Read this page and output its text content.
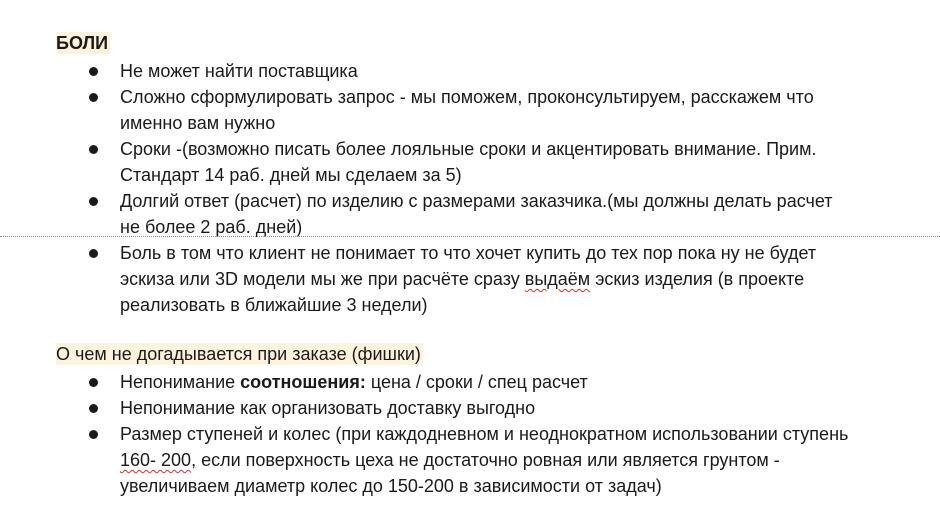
БОЛИ
Не может найти поставщика
Сложно сформулировать запрос - мы поможем, проконсультируем, расскажем что именно вам нужно
Сроки -(возможно писать более лояльные сроки и акцентировать внимание. Прим. Стандарт 14 раб. дней мы сделаем за 5)
Долгий ответ (расчет) по изделию с размерами заказчика.(мы должны делать расчет не более 2 раб. дней)
Боль в том что клиент не понимает то что хочет купить до тех пор пока ну не будет эскиза или 3D модели мы же при расчёте сразу выдаём эскиз изделия (в проекте реализовать в ближайшие 3 недели)
О чем не догадывается при заказе (фишки)
Непонимание соотношения: цена / сроки / спец расчет
Непонимание как организовать доставку выгодно
Размер ступеней и колес (при каждодневном и неоднократном использовании ступень 160- 200, если поверхность цеха не достаточно ровная или является грунтом - увеличиваем диаметр колес до 150-200 в зависимости от задач)
